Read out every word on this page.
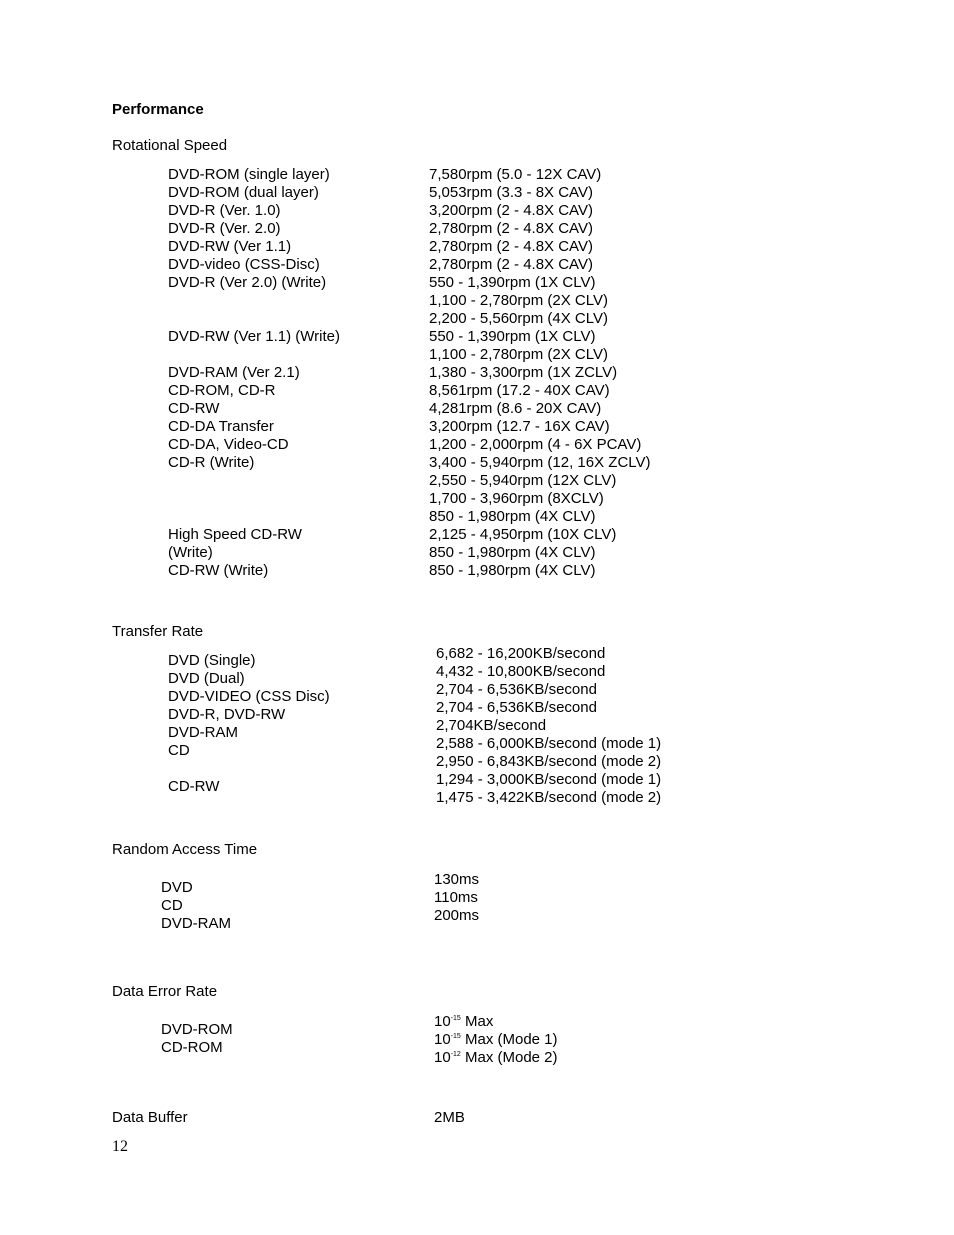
Performance
Rotational Speed
DVD-ROM (single layer)
DVD-ROM (dual layer)
DVD-R (Ver. 1.0)
DVD-R (Ver. 2.0)
DVD-RW (Ver 1.1)
DVD-video (CSS-Disc)
DVD-R (Ver 2.0) (Write)
DVD-RW (Ver 1.1) (Write)
DVD-RAM (Ver 2.1)
CD-ROM, CD-R
CD-RW
CD-DA Transfer
CD-DA, Video-CD
CD-R (Write)
High Speed CD-RW
(Write)
CD-RW (Write)
7,580rpm (5.0 - 12X CAV)
5,053rpm (3.3 - 8X CAV)
3,200rpm (2 - 4.8X CAV)
2,780rpm (2 - 4.8X CAV)
2,780rpm (2 - 4.8X CAV)
2,780rpm (2 - 4.8X CAV)
550 - 1,390rpm (1X CLV)
1,100 - 2,780rpm (2X CLV)
2,200 - 5,560rpm (4X CLV)
550 - 1,390rpm (1X CLV)
1,100 - 2,780rpm (2X CLV)
1,380 - 3,300rpm (1X ZCLV)
8,561rpm (17.2 - 40X CAV)
4,281rpm (8.6 - 20X CAV)
3,200rpm (12.7 - 16X CAV)
1,200 - 2,000rpm (4 - 6X PCAV)
3,400 - 5,940rpm (12, 16X ZCLV)
2,550 - 5,940rpm (12X CLV)
1,700 - 3,960rpm (8XCLV)
850 - 1,980rpm (4X CLV)
2,125 - 4,950rpm (10X CLV)
850 - 1,980rpm (4X CLV)
850 - 1,980rpm (4X CLV)
Transfer Rate
DVD (Single)
DVD (Dual)
DVD-VIDEO (CSS Disc)
DVD-R, DVD-RW
DVD-RAM
CD
CD-RW
6,682 - 16,200KB/second
4,432 - 10,800KB/second
2,704 - 6,536KB/second
2,704 - 6,536KB/second
2,704KB/second
2,588 - 6,000KB/second (mode 1)
2,950 - 6,843KB/second (mode 2)
1,294 - 3,000KB/second (mode 1)
1,475 - 3,422KB/second (mode 2)
Random Access Time
DVD
CD
DVD-RAM
130ms
110ms
200ms
Data Error Rate
DVD-ROM
CD-ROM
$10^{-15}$ Max
$10^{-15}$ Max (Mode 1)
$10^{-12}$ Max (Mode 2)
Data Buffer	2MB
12
